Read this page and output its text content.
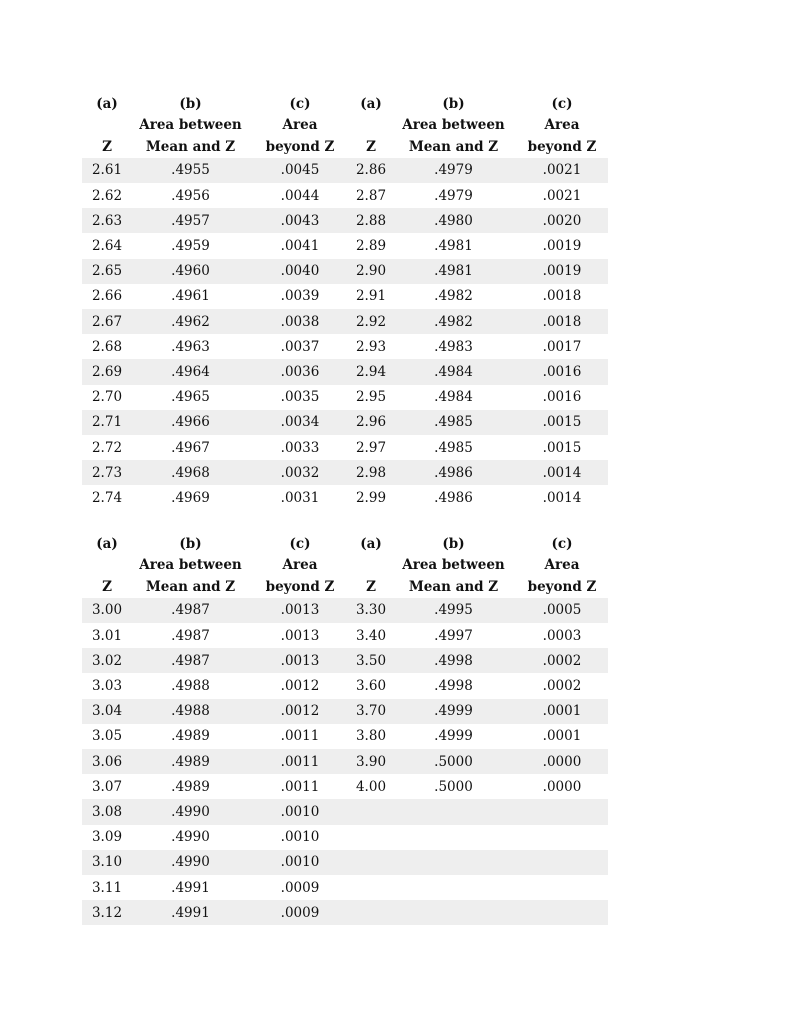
(a)	(b)	(c)	(a)	(b)	(c)
	Area between	Area		Area between	Area
Z	Mean and Z	beyond Z	Z	Mean and Z	beyond Z
2.61	.4955	.0045	2.86	.4979	.0021
2.62	.4956	.0044	2.87	.4979	.0021
2.63	.4957	.0043	2.88	.4980	.0020
2.64	.4959	.0041	2.89	.4981	.0019
2.65	.4960	.0040	2.90	.4981	.0019
2.66	.4961	.0039	2.91	.4982	.0018
2.67	.4962	.0038	2.92	.4982	.0018
2.68	.4963	.0037	2.93	.4983	.0017
2.69	.4964	.0036	2.94	.4984	.0016
2.70	.4965	.0035	2.95	.4984	.0016
2.71	.4966	.0034	2.96	.4985	.0015
2.72	.4967	.0033	2.97	.4985	.0015
2.73	.4968	.0032	2.98	.4986	.0014
2.74	.4969	.0031	2.99	.4986	.0014
(a)	(b)	(c)	(a)	(b)	(c)
	Area between	Area		Area between	Area
Z	Mean and Z	beyond Z	Z	Mean and Z	beyond Z
3.00	.4987	.0013	3.30	.4995	.0005
3.01	.4987	.0013	3.40	.4997	.0003
3.02	.4987	.0013	3.50	.4998	.0002
3.03	.4988	.0012	3.60	.4998	.0002
3.04	.4988	.0012	3.70	.4999	.0001
3.05	.4989	.0011	3.80	.4999	.0001
3.06	.4989	.0011	3.90	.5000	.0000
3.07	.4989	.0011	4.00	.5000	.0000
3.08	.4990	.0010			
3.09	.4990	.0010			
3.10	.4990	.0010			
3.11	.4991	.0009			
3.12	.4991	.0009			
